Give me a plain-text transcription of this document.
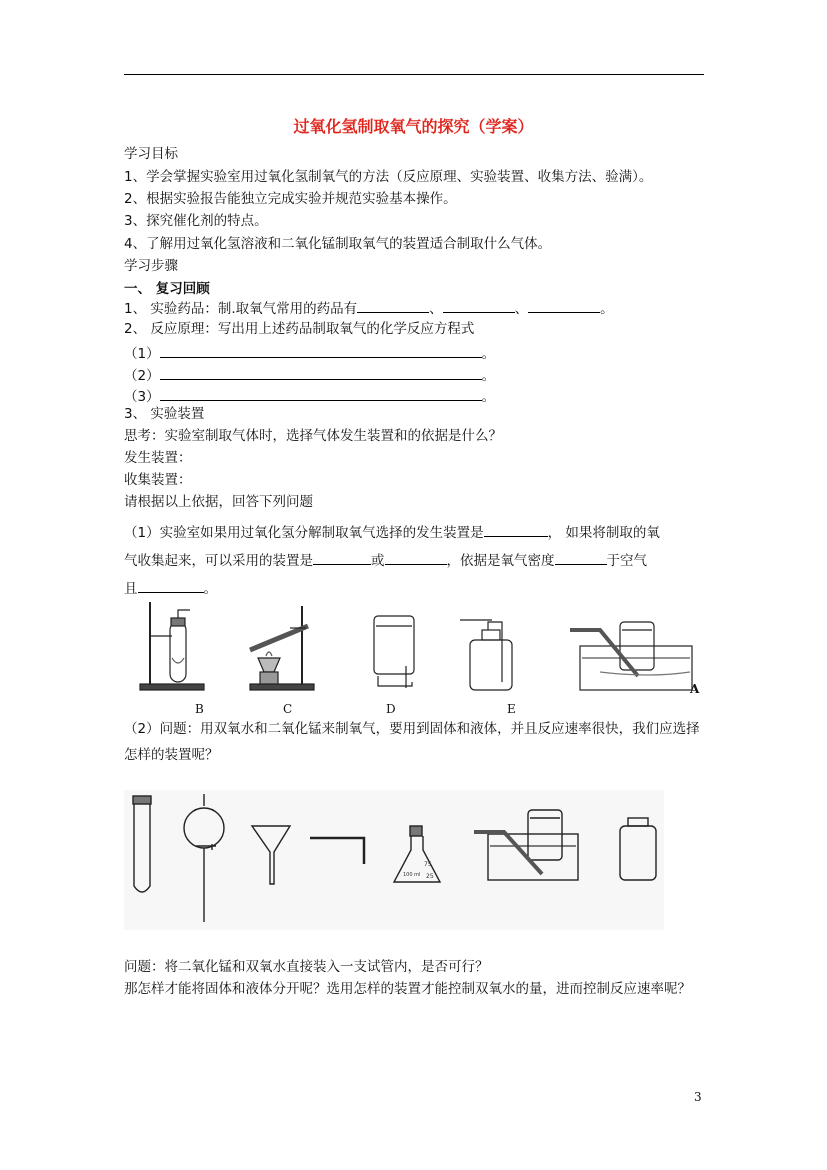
过氧化氢制取氧气的探究（学案）
学习目标
1、学会掌握实验室用过氧化氢制氧气的方法（反应原理、实验装置、收集方法、验满）。
2、根据实验报告能独立完成实验并规范实验基本操作。
3、探究催化剂的特点。
4、了解用过氧化氢溶液和二氧化锰制取氧气的装置适合制取什么气体。
学习步骤
一、 复习回顾
1、 实验药品：制.取氧气常用的药品有	、	、	。
2、 反应原理：写出用上述药品制取氧气的化学反应方程式
（1）	。
（2）	。
（3）	。
3、 实验装置
思考：实验室制取气体时，选择气体发生装置和的依据是什么？
发生装置：
收集装置：
请根据以上依据，回答下列问题
（1）实验室如果用过氧化氢分解制取氧气选择的发生装置是	， 如果将制取的氧
气收集起来，可以采用的装置是	或	，依据是氧气密度	于空气
且	。
B	C	D	E
A
（2）问题：用双氧水和二氧化锰来制氧气，要用到固体和液体，并且反应速率很快，我们应选择怎样的装置呢？
75
100 ml 25
问题：将二氧化锰和双氧水直接装入一支试管内，是否可行？
那怎样才能将固体和液体分开呢？选用怎样的装置才能控制双氧水的量，进而控制反应速率呢？
3
